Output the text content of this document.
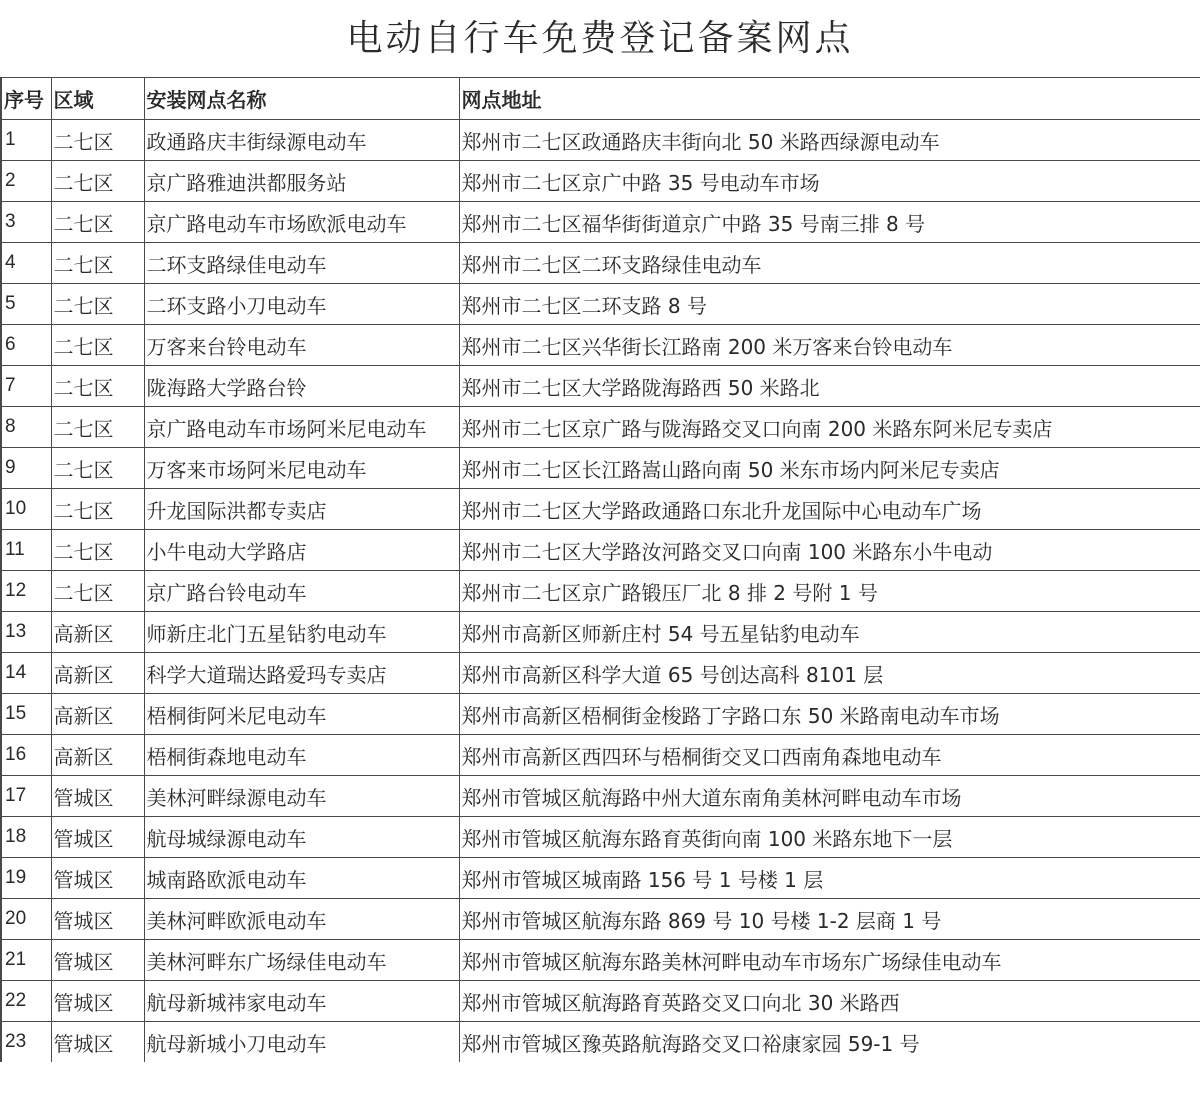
电动自行车免费登记备案网点
序号	区域	安装网点名称	网点地址
1	二七区	政通路庆丰街绿源电动车	郑州市二七区政通路庆丰街向北 50 米路西绿源电动车
2	二七区	京广路雅迪洪都服务站	郑州市二七区京广中路 35 号电动车市场
3	二七区	京广路电动车市场欧派电动车	郑州市二七区福华街街道京广中路 35 号南三排 8 号
4	二七区	二环支路绿佳电动车	郑州市二七区二环支路绿佳电动车
5	二七区	二环支路小刀电动车	郑州市二七区二环支路 8 号
6	二七区	万客来台铃电动车	郑州市二七区兴华街长江路南 200 米万客来台铃电动车
7	二七区	陇海路大学路台铃	郑州市二七区大学路陇海路西 50 米路北
8	二七区	京广路电动车市场阿米尼电动车	郑州市二七区京广路与陇海路交叉口向南 200 米路东阿米尼专卖店
9	二七区	万客来市场阿米尼电动车	郑州市二七区长江路嵩山路向南 50 米东市场内阿米尼专卖店
10	二七区	升龙国际洪都专卖店	郑州市二七区大学路政通路口东北升龙国际中心电动车广场
11	二七区	小牛电动大学路店	郑州市二七区大学路汝河路交叉口向南 100 米路东小牛电动
12	二七区	京广路台铃电动车	郑州市二七区京广路锻压厂北 8 排 2 号附 1 号
13	高新区	师新庄北门五星钻豹电动车	郑州市高新区师新庄村 54 号五星钻豹电动车
14	高新区	科学大道瑞达路爱玛专卖店	郑州市高新区科学大道 65 号创达高科 8101 层
15	高新区	梧桐街阿米尼电动车	郑州市高新区梧桐街金梭路丁字路口东 50 米路南电动车市场
16	高新区	梧桐街森地电动车	郑州市高新区西四环与梧桐街交叉口西南角森地电动车
17	管城区	美林河畔绿源电动车	郑州市管城区航海路中州大道东南角美林河畔电动车市场
18	管城区	航母城绿源电动车	郑州市管城区航海东路育英街向南 100 米路东地下一层
19	管城区	城南路欧派电动车	郑州市管城区城南路 156 号 1 号楼 1 层
20	管城区	美林河畔欧派电动车	郑州市管城区航海东路 869 号 10 号楼 1-2 层商 1 号
21	管城区	美林河畔东广场绿佳电动车	郑州市管城区航海东路美林河畔电动车市场东广场绿佳电动车
22	管城区	航母新城祎家电动车	郑州市管城区航海路育英路交叉口向北 30 米路西
23	管城区	航母新城小刀电动车	郑州市管城区豫英路航海路交叉口裕康家园 59-1 号
